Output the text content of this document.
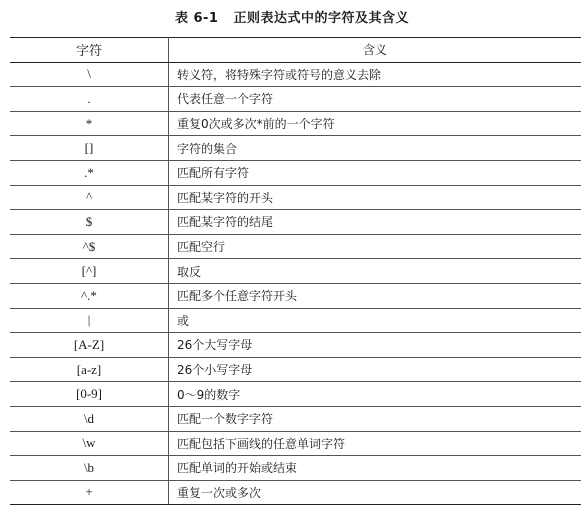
表 6-1   正则表达式中的字符及其含义
字符	含义
\	转义符，将特殊字符或符号的意义去除
.	代表任意一个字符
*	重复0次或多次*前的一个字符
[]	字符的集合
.*	匹配所有字符
^	匹配某字符的开头
$	匹配某字符的结尾
^$	匹配空行
[^]	取反
^.*	匹配多个任意字符开头
|	或
[A-Z]	26个大写字母
[a-z]	26个小写字母
[0-9]	0～9的数字
\d	匹配一个数字字符
\w	匹配包括下画线的任意单词字符
\b	匹配单词的开始或结束
+	重复一次或多次
